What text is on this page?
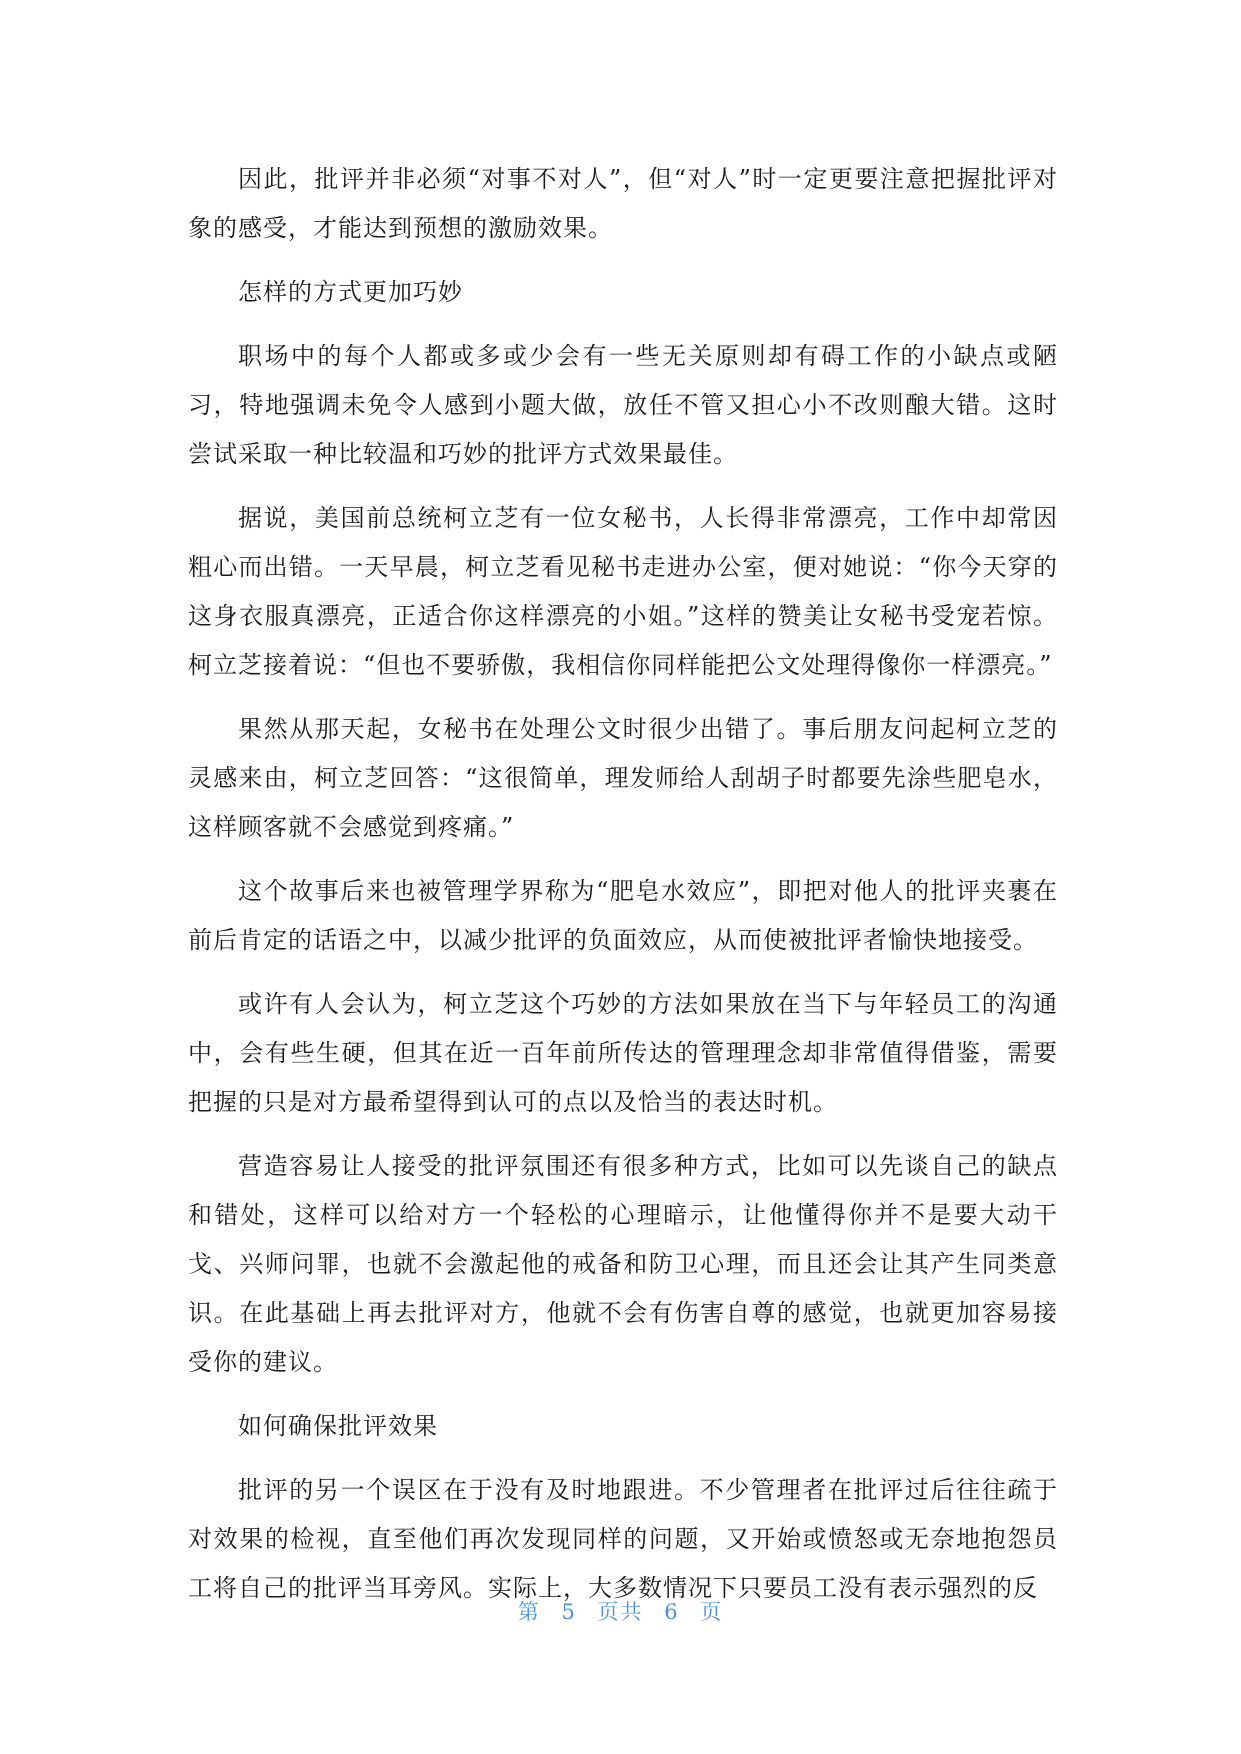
因此，批评并非必须“对事不对人”，但“对人”时一定更要注意把握批评对象的感受，才能达到预想的激励效果。

怎样的方式更加巧妙

职场中的每个人都或多或少会有一些无关原则却有碍工作的小缺点或陋习，特地强调未免令人感到小题大做，放任不管又担心小不改则酿大错。这时尝试采取一种比较温和巧妙的批评方式效果最佳。

据说，美国前总统柯立芝有一位女秘书，人长得非常漂亮，工作中却常因粗心而出错。一天早晨，柯立芝看见秘书走进办公室，便对她说：“你今天穿的这身衣服真漂亮，正适合你这样漂亮的小姐。”这样的赞美让女秘书受宠若惊。柯立芝接着说：“但也不要骄傲，我相信你同样能把公文处理得像你一样漂亮。”

果然从那天起，女秘书在处理公文时很少出错了。事后朋友问起柯立芝的灵感来由，柯立芝回答：“这很简单，理发师给人刮胡子时都要先涂些肥皂水，这样顾客就不会感觉到疼痛。”

这个故事后来也被管理学界称为“肥皂水效应”，即把对他人的批评夹裹在前后肯定的话语之中，以减少批评的负面效应，从而使被批评者愉快地接受。

或许有人会认为，柯立芝这个巧妙的方法如果放在当下与年轻员工的沟通中，会有些生硬，但其在近一百年前所传达的管理理念却非常值得借鉴，需要把握的只是对方最希望得到认可的点以及恰当的表达时机。

营造容易让人接受的批评氛围还有很多种方式，比如可以先谈自己的缺点和错处，这样可以给对方一个轻松的心理暗示，让他懂得你并不是要大动干戈、兴师问罪，也就不会激起他的戒备和防卫心理，而且还会让其产生同类意识。在此基础上再去批评对方，他就不会有伤害自尊的感觉，也就更加容易接受你的建议。

如何确保批评效果

批评的另一个误区在于没有及时地跟进。不少管理者在批评过后往往疏于对效果的检视，直至他们再次发现同样的问题，又开始或愤怒或无奈地抱怨员工将自己的批评当耳旁风。实际上，大多数情况下只要员工没有表示强烈的反

第 5 页共 6 页
